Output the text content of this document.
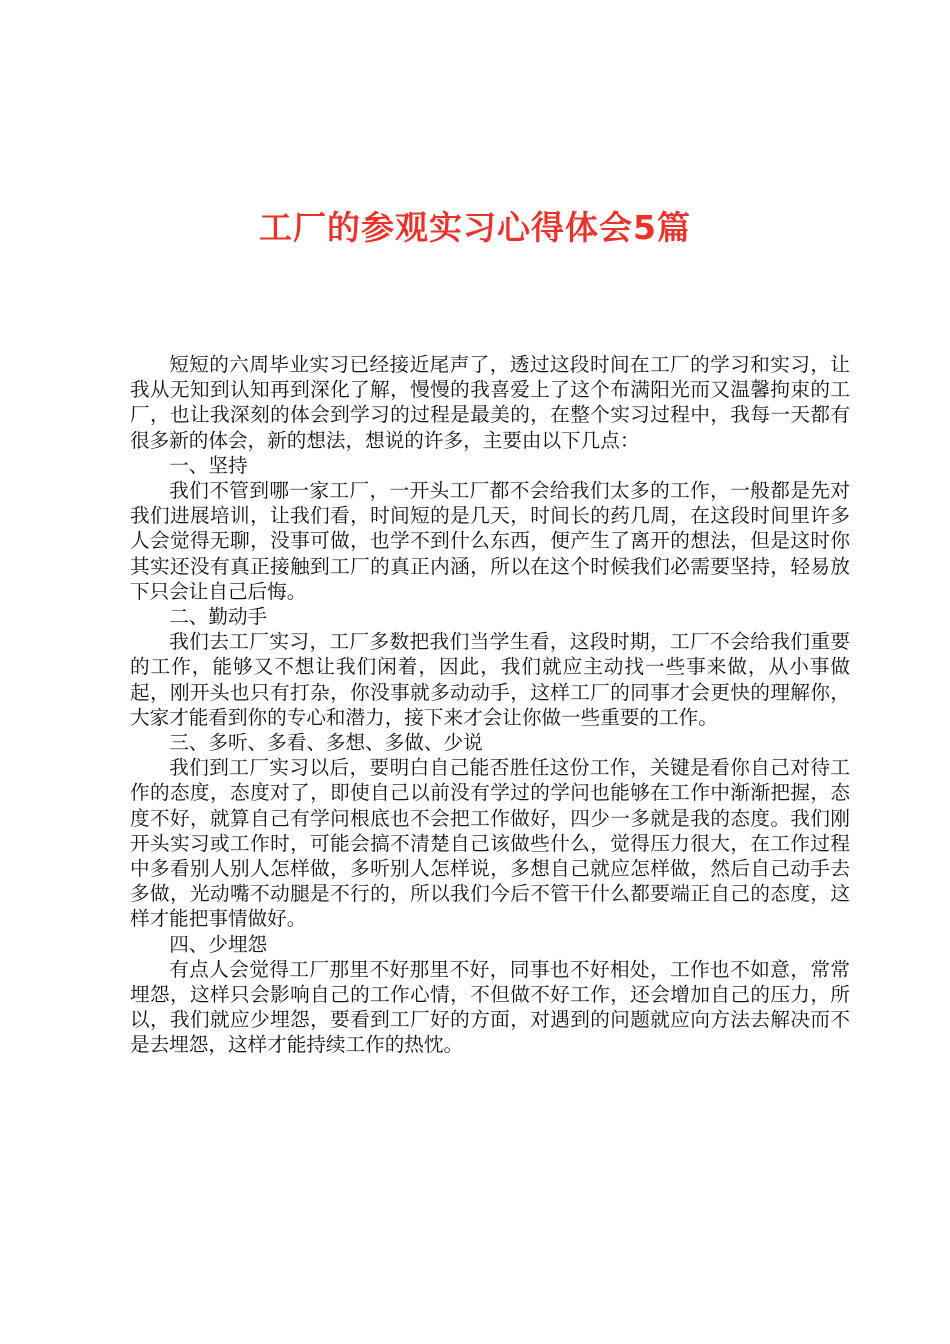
工厂的参观实习心得体会5篇

短短的六周毕业实习已经接近尾声了，透过这段时间在工厂的学习和实习，让我从无知到认知再到深化了解，慢慢的我喜爱上了这个布满阳光而又温馨拘束的工厂，也让我深刻的体会到学习的过程是最美的，在整个实习过程中，我每一天都有很多新的体会，新的想法，想说的许多，主要由以下几点：

一、坚持

我们不管到哪一家工厂，一开头工厂都不会给我们太多的工作，一般都是先对我们进展培训，让我们看，时间短的是几天，时间长的药几周，在这段时间里许多人会觉得无聊，没事可做，也学不到什么东西，便产生了离开的想法，但是这时你其实还没有真正接触到工厂的真正内涵，所以在这个时候我们必需要坚持，轻易放下只会让自己后悔。

二、勤动手

我们去工厂实习，工厂多数把我们当学生看，这段时期，工厂不会给我们重要的工作，能够又不想让我们闲着，因此，我们就应主动找一些事来做，从小事做起，刚开头也只有打杂，你没事就多动动手，这样工厂的同事才会更快的理解你，大家才能看到你的专心和潜力，接下来才会让你做一些重要的工作。

三、多听、多看、多想、多做、少说

我们到工厂实习以后，要明白自己能否胜任这份工作，关键是看你自己对待工作的态度，态度对了，即使自己以前没有学过的学问也能够在工作中渐渐把握，态度不好，就算自己有学问根底也不会把工作做好，四少一多就是我的态度。我们刚开头实习或工作时，可能会搞不清楚自己该做些什么，觉得压力很大，在工作过程中多看别人别人怎样做，多听别人怎样说，多想自己就应怎样做，然后自己动手去多做，光动嘴不动腿是不行的，所以我们今后不管干什么都要端正自己的态度，这样才能把事情做好。

四、少埋怨

有点人会觉得工厂那里不好那里不好，同事也不好相处，工作也不如意，常常埋怨，这样只会影响自己的工作心情，不但做不好工作，还会增加自己的压力，所以，我们就应少埋怨，要看到工厂好的方面，对遇到的问题就应向方法去解决而不是去埋怨，这样才能持续工作的热忱。
